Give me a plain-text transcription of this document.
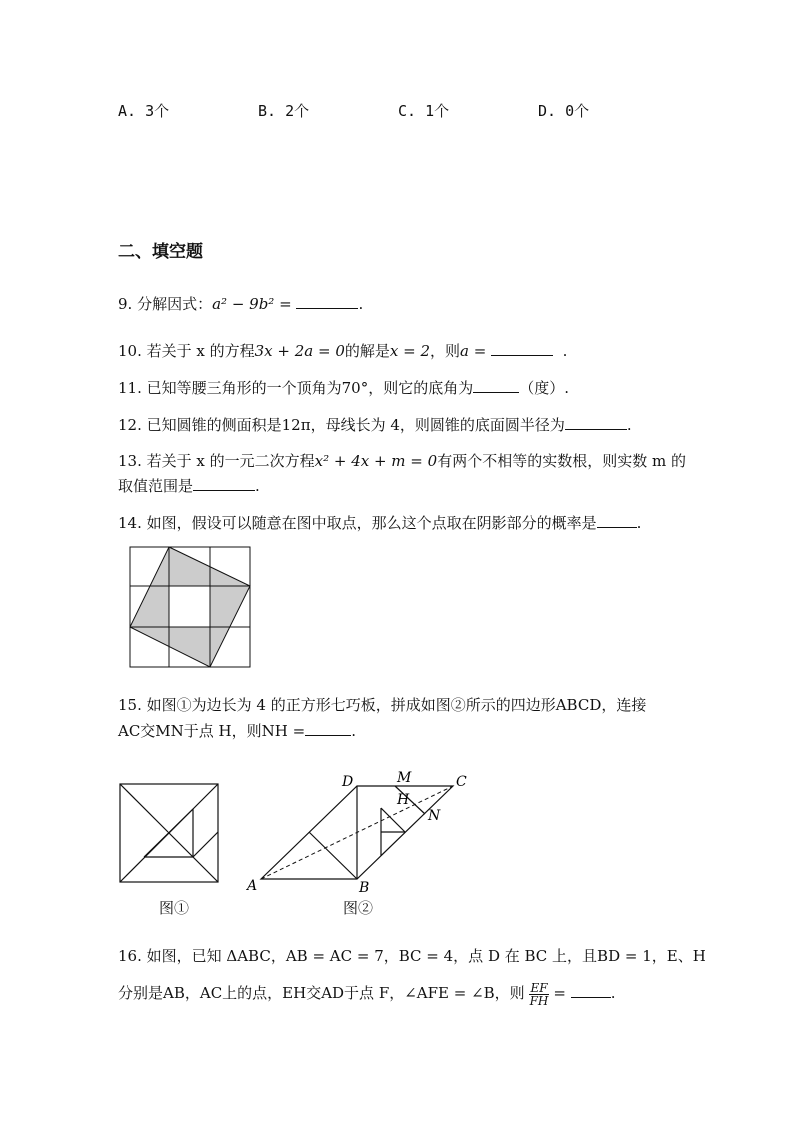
A. 3个	B. 2个	C. 1个	D. 0个
二、填空题
9. 分解因式：a² − 9b² =	.
10. 若关于 x 的方程3x + 2a = 0的解是x = 2，则a =	.
11. 已知等腰三角形的一个顶角为70°，则它的底角为	（度）.
12. 已知圆锥的侧面积是12π，母线长为 4，则圆锥的底面圆半径为	.
13. 若关于 x 的一元二次方程x² + 4x + m = 0有两个不相等的实数根，则实数 m 的
取值范围是	.
14. 如图，假设可以随意在图中取点，那么这个点取在阴影部分的概率是	.
15. 如图①为边长为 4 的正方形七巧板，拼成如图②所示的四边形ABCD，连接
AC交MN于点 H，则NH =	.
图①
A	B
C
D	M
N
H
图②
16. 如图，已知 ΔABC，AB = AC = 7，BC = 4，点 D 在 BC 上，且BD = 1，E、H
分别是AB，AC上的点，EH交AD于点 F，∠AFE = ∠B，则 $\frac{EF}{FH}$ =	.
